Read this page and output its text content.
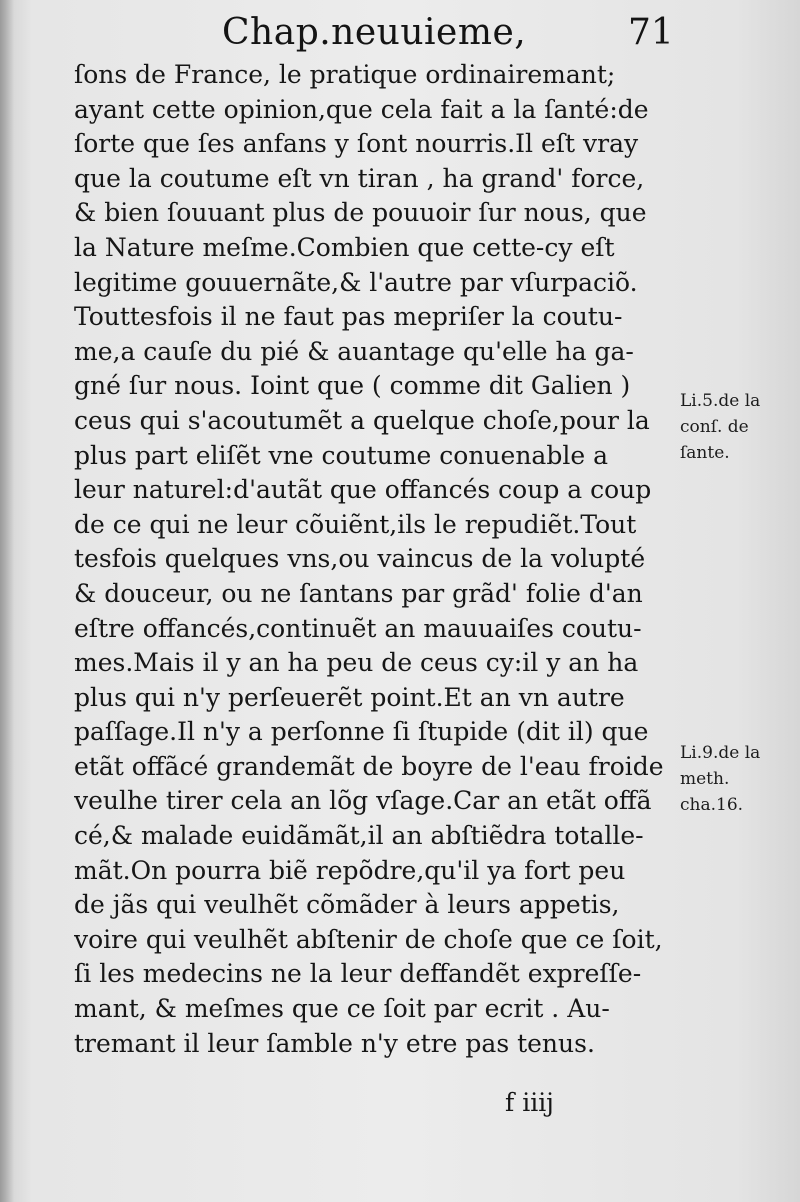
Chap.neuuieme,	71
ſons de France, le pratique ordinairemant;
ayant cette opinion,que cela fait a la ſanté:de
ſorte que ſes anfans y ſont nourris.Il eſt vray
que la coutume eſt vn tiran , ha grand' force,
& bien ſouuant plus de pouuoir ſur nous, que
la Nature meſme.Combien que cette-cy eſt
legitime gouuernãte,& l'autre par vſurpaciõ.
Touttesfois il ne faut pas mepriſer la coutu-
me,a cauſe du pié & auantage qu'elle ha ga-
gné ſur nous. Ioint que ( comme dit Galien )
ceus qui s'acoutumẽt a quelque choſe,pour la
plus part eliſẽt vne coutume conuenable a
leur naturel:d'autãt que offancés coup a coup
de ce qui ne leur cõuiẽnt,ils le repudiẽt.Tout
tesfois quelques vns,ou vaincus de la volupté
& douceur, ou ne ſantans par grãd' folie d'an
eſtre offancés,continuẽt an mauuaiſes coutu-
mes.Mais il y an ha peu de ceus cy:il y an ha
plus qui n'y perſeuerẽt point.Et an vn autre
paſſage.Il n'y a perſonne ſi ſtupide (dit il) que
etãt offãcé grandemãt de boyre de l'eau froide
veulhe tirer cela an lõg vſage.Car an etãt offã
cé,& malade euidãmãt,il an abſtiẽdra totalle-
mãt.On pourra biẽ repõdre,qu'il ya fort peu
de jãs qui veulhẽt cõmãder à leurs appetis,
voire qui veulhẽt abſtenir de choſe que ce ſoit,
ſi les medecins ne la leur deffandẽt expreſſe-
mant, & meſmes que ce ſoit par ecrit . Au-
tremant il leur ſamble n'y etre pas tenus.
Li.5.de la
conſ. de
ſante.
Li.9.de la
meth.
cha.16.
f iiij
